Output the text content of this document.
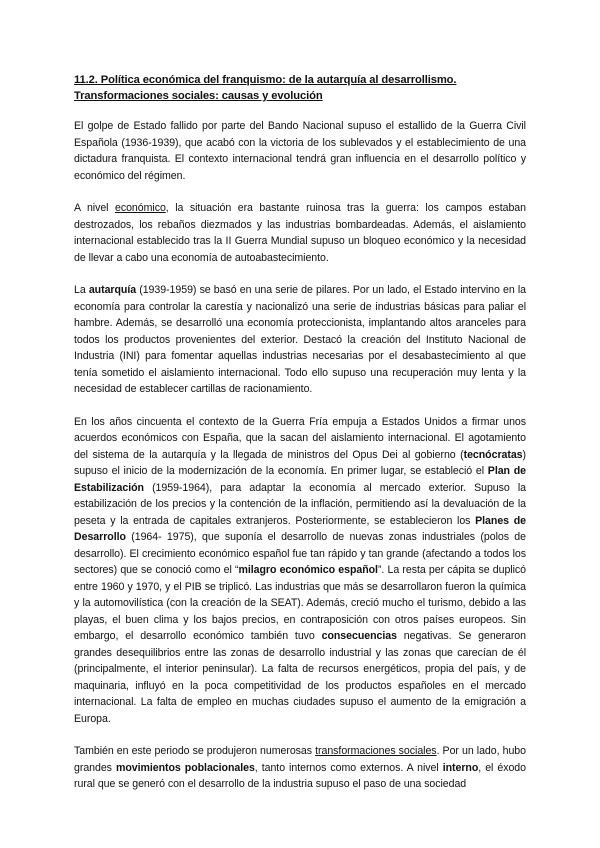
11.2. Política económica del franquismo: de la autarquía al desarrollismo.
Transformaciones sociales: causas y evolución

El golpe de Estado fallido por parte del Bando Nacional supuso el estallido de la Guerra Civil Española (1936-1939), que acabó con la victoria de los sublevados y el establecimiento de una dictadura franquista. El contexto internacional tendrá gran influencia en el desarrollo político y económico del régimen.

A nivel económico, la situación era bastante ruinosa tras la guerra: los campos estaban destrozados, los rebaños diezmados y las industrias bombardeadas. Además, el aislamiento internacional establecido tras la II Guerra Mundial supuso un bloqueo económico y la necesidad de llevar a cabo una economía de autoabastecimiento.

La autarquía (1939-1959) se basó en una serie de pilares. Por un lado, el Estado intervino en la economía para controlar la carestía y nacionalizó una serie de industrias básicas para paliar el hambre. Además, se desarrolló una economía proteccionista, implantando altos aranceles para todos los productos provenientes del exterior. Destacó la creación del Instituto Nacional de Industria (INI) para fomentar aquellas industrias necesarias por el desabastecimiento al que tenía sometido el aislamiento internacional. Todo ello supuso una recuperación muy lenta y la necesidad de establecer cartillas de racionamiento.

En los años cincuenta el contexto de la Guerra Fría empuja a Estados Unidos a firmar unos acuerdos económicos con España, que la sacan del aislamiento internacional. El agotamiento del sistema de la autarquía y la llegada de ministros del Opus Dei al gobierno (tecnócratas) supuso el inicio de la modernización de la economía. En primer lugar, se estableció el Plan de Estabilización (1959-1964), para adaptar la economía al mercado exterior. Supuso la estabilización de los precios y la contención de la inflación, permitiendo así la devaluación de la peseta y la entrada de capitales extranjeros. Posteriormente, se establecieron los Planes de Desarrollo (1964- 1975), que suponía el desarrollo de nuevas zonas industriales (polos de desarrollo). El crecimiento económico español fue tan rápido y tan grande (afectando a todos los sectores) que se conoció como el “milagro económico español”. La resta per cápita se duplicó entre 1960 y 1970, y el PIB se triplicó. Las industrias que más se desarrollaron fueron la química y la automovilística (con la creación de la SEAT). Además, creció mucho el turismo, debido a las playas, el buen clima y los bajos precios, en contraposición con otros países europeos. Sin embargo, el desarrollo económico también tuvo consecuencias negativas. Se generaron grandes desequilibrios entre las zonas de desarrollo industrial y las zonas que carecían de él (principalmente, el interior peninsular). La falta de recursos energéticos, propia del país, y de maquinaria, influyó en la poca competitividad de los productos españoles en el mercado internacional. La falta de empleo en muchas ciudades supuso el aumento de la emigración a Europa.

También en este periodo se produjeron numerosas transformaciones sociales. Por un lado, hubo grandes movimientos poblacionales, tanto internos como externos. A nivel interno, el éxodo rural que se generó con el desarrollo de la industria supuso el paso de una sociedad
